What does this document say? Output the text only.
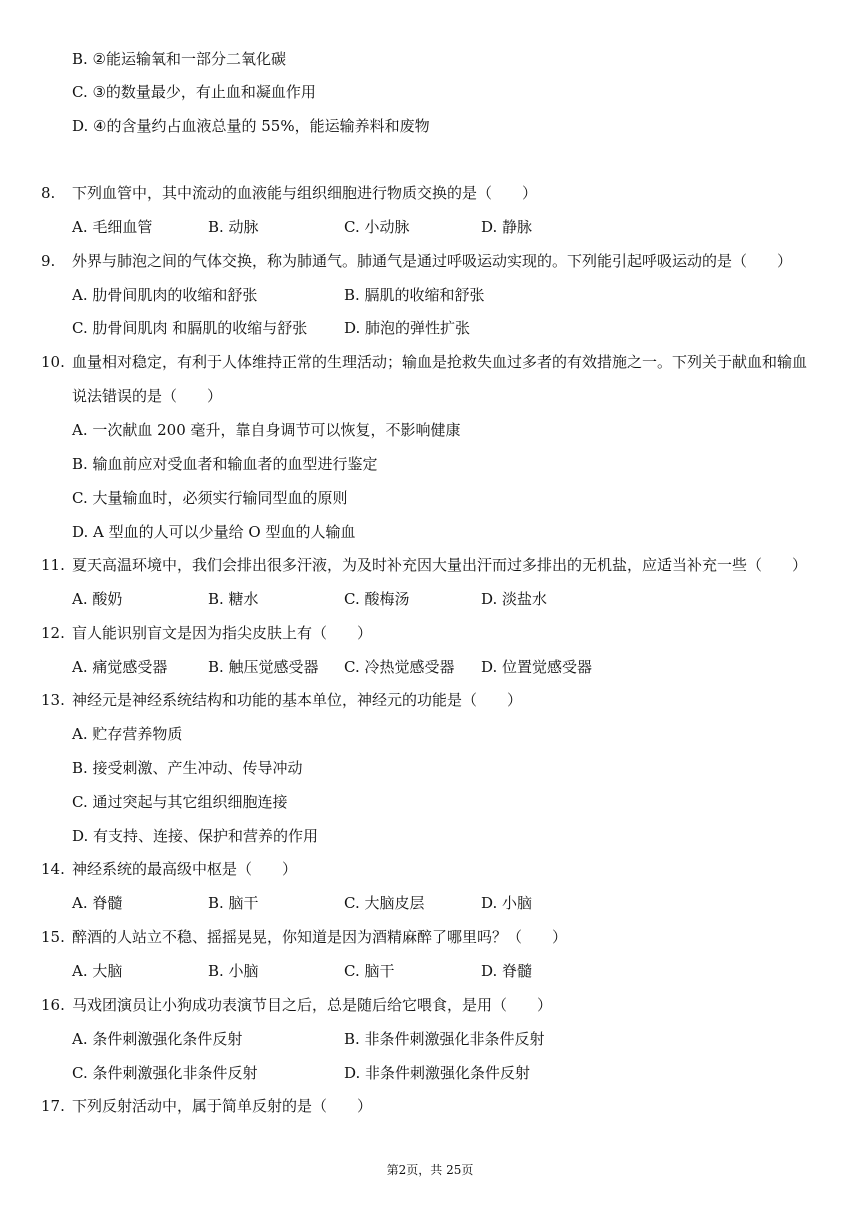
B. ②能运输氧和一部分二氧化碳
C. ③的数量最少，有止血和凝血作用
D. ④的含量约占血液总量的 55%，能运输养料和废物
8. 下列血管中，其中流动的血液能与组织细胞进行物质交换的是（　　）
A. 毛细血管	B. 动脉	C. 小动脉	D. 静脉
9. 外界与肺泡之间的气体交换，称为肺通气。肺通气是通过呼吸运动实现的。下列能引起呼吸运动的是（　　）
A. 肋骨间肌肉的收缩和舒张	B. 膈肌的收缩和舒张
C. 肋骨间肌肉 和膈肌的收缩与舒张 D. 肺泡的弹性扩张
10. 血量相对稳定，有利于人体维持正常的生理活动；输血是抢救失血过多者的有效措施之一。下列关于献血和输血
说法错误的是（　　）
A. 一次献血 200 毫升，靠自身调节可以恢复，不影响健康
B. 输血前应对受血者和输血者的血型进行鉴定
C. 大量输血时，必须实行输同型血的原则
D. A 型血的人可以少量给 O 型血的人输血
11. 夏天高温环境中，我们会排出很多汗液，为及时补充因大量出汗而过多排出的无机盐，应适当补充一些（　　）
A. 酸奶	B. 糖水	C. 酸梅汤	D. 淡盐水
12. 盲人能识别盲文是因为指尖皮肤上有（　　）
A. 痛觉感受器	B. 触压觉感受器 C. 冷热觉感受器 D. 位置觉感受器
13. 神经元是神经系统结构和功能的基本单位，神经元的功能是（　　）
A. 贮存营养物质
B. 接受刺激、产生冲动、传导冲动
C. 通过突起与其它组织细胞连接
D. 有支持、连接、保护和营养的作用
14. 神经系统的最高级中枢是（　　）
A. 脊髓	B. 脑干	C. 大脑皮层	D. 小脑
15. 醉酒的人站立不稳、摇摇晃晃，你知道是因为酒精麻醉了哪里吗？（　　）
A. 大脑	B. 小脑	C. 脑干	D. 脊髓
16. 马戏团演员让小狗成功表演节目之后，总是随后给它喂食，是用（　　）
A. 条件刺激强化条件反射	B. 非条件刺激强化非条件反射
C. 条件刺激强化非条件反射	D. 非条件刺激强化条件反射
17. 下列反射活动中，属于简单反射的是（　　）
第2页，共 25页
